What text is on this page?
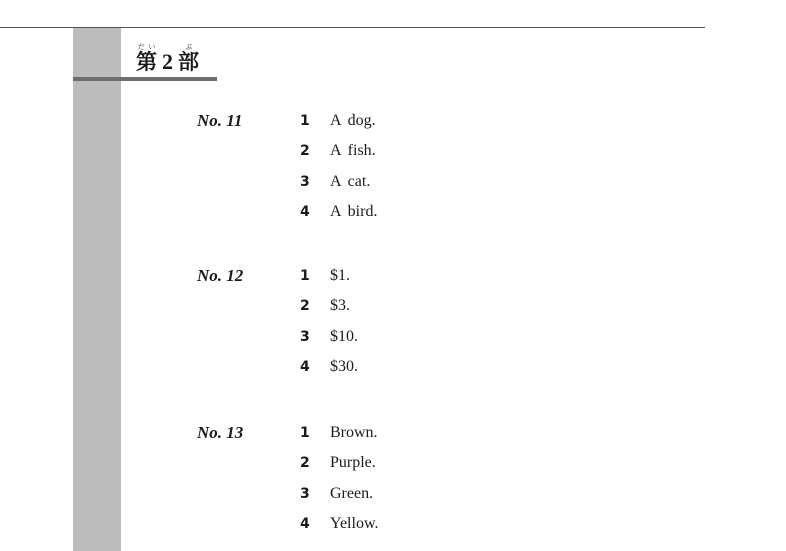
第だい
2 部ぶ
No. 11	1 A dog.
2 A fish.
3 A cat.
4 A bird.
No. 12	1 $1.
2 $3.
3 $10.
4 $30.
No. 13	1 Brown.
2 Purple.
3 Green.
4 Yellow.
